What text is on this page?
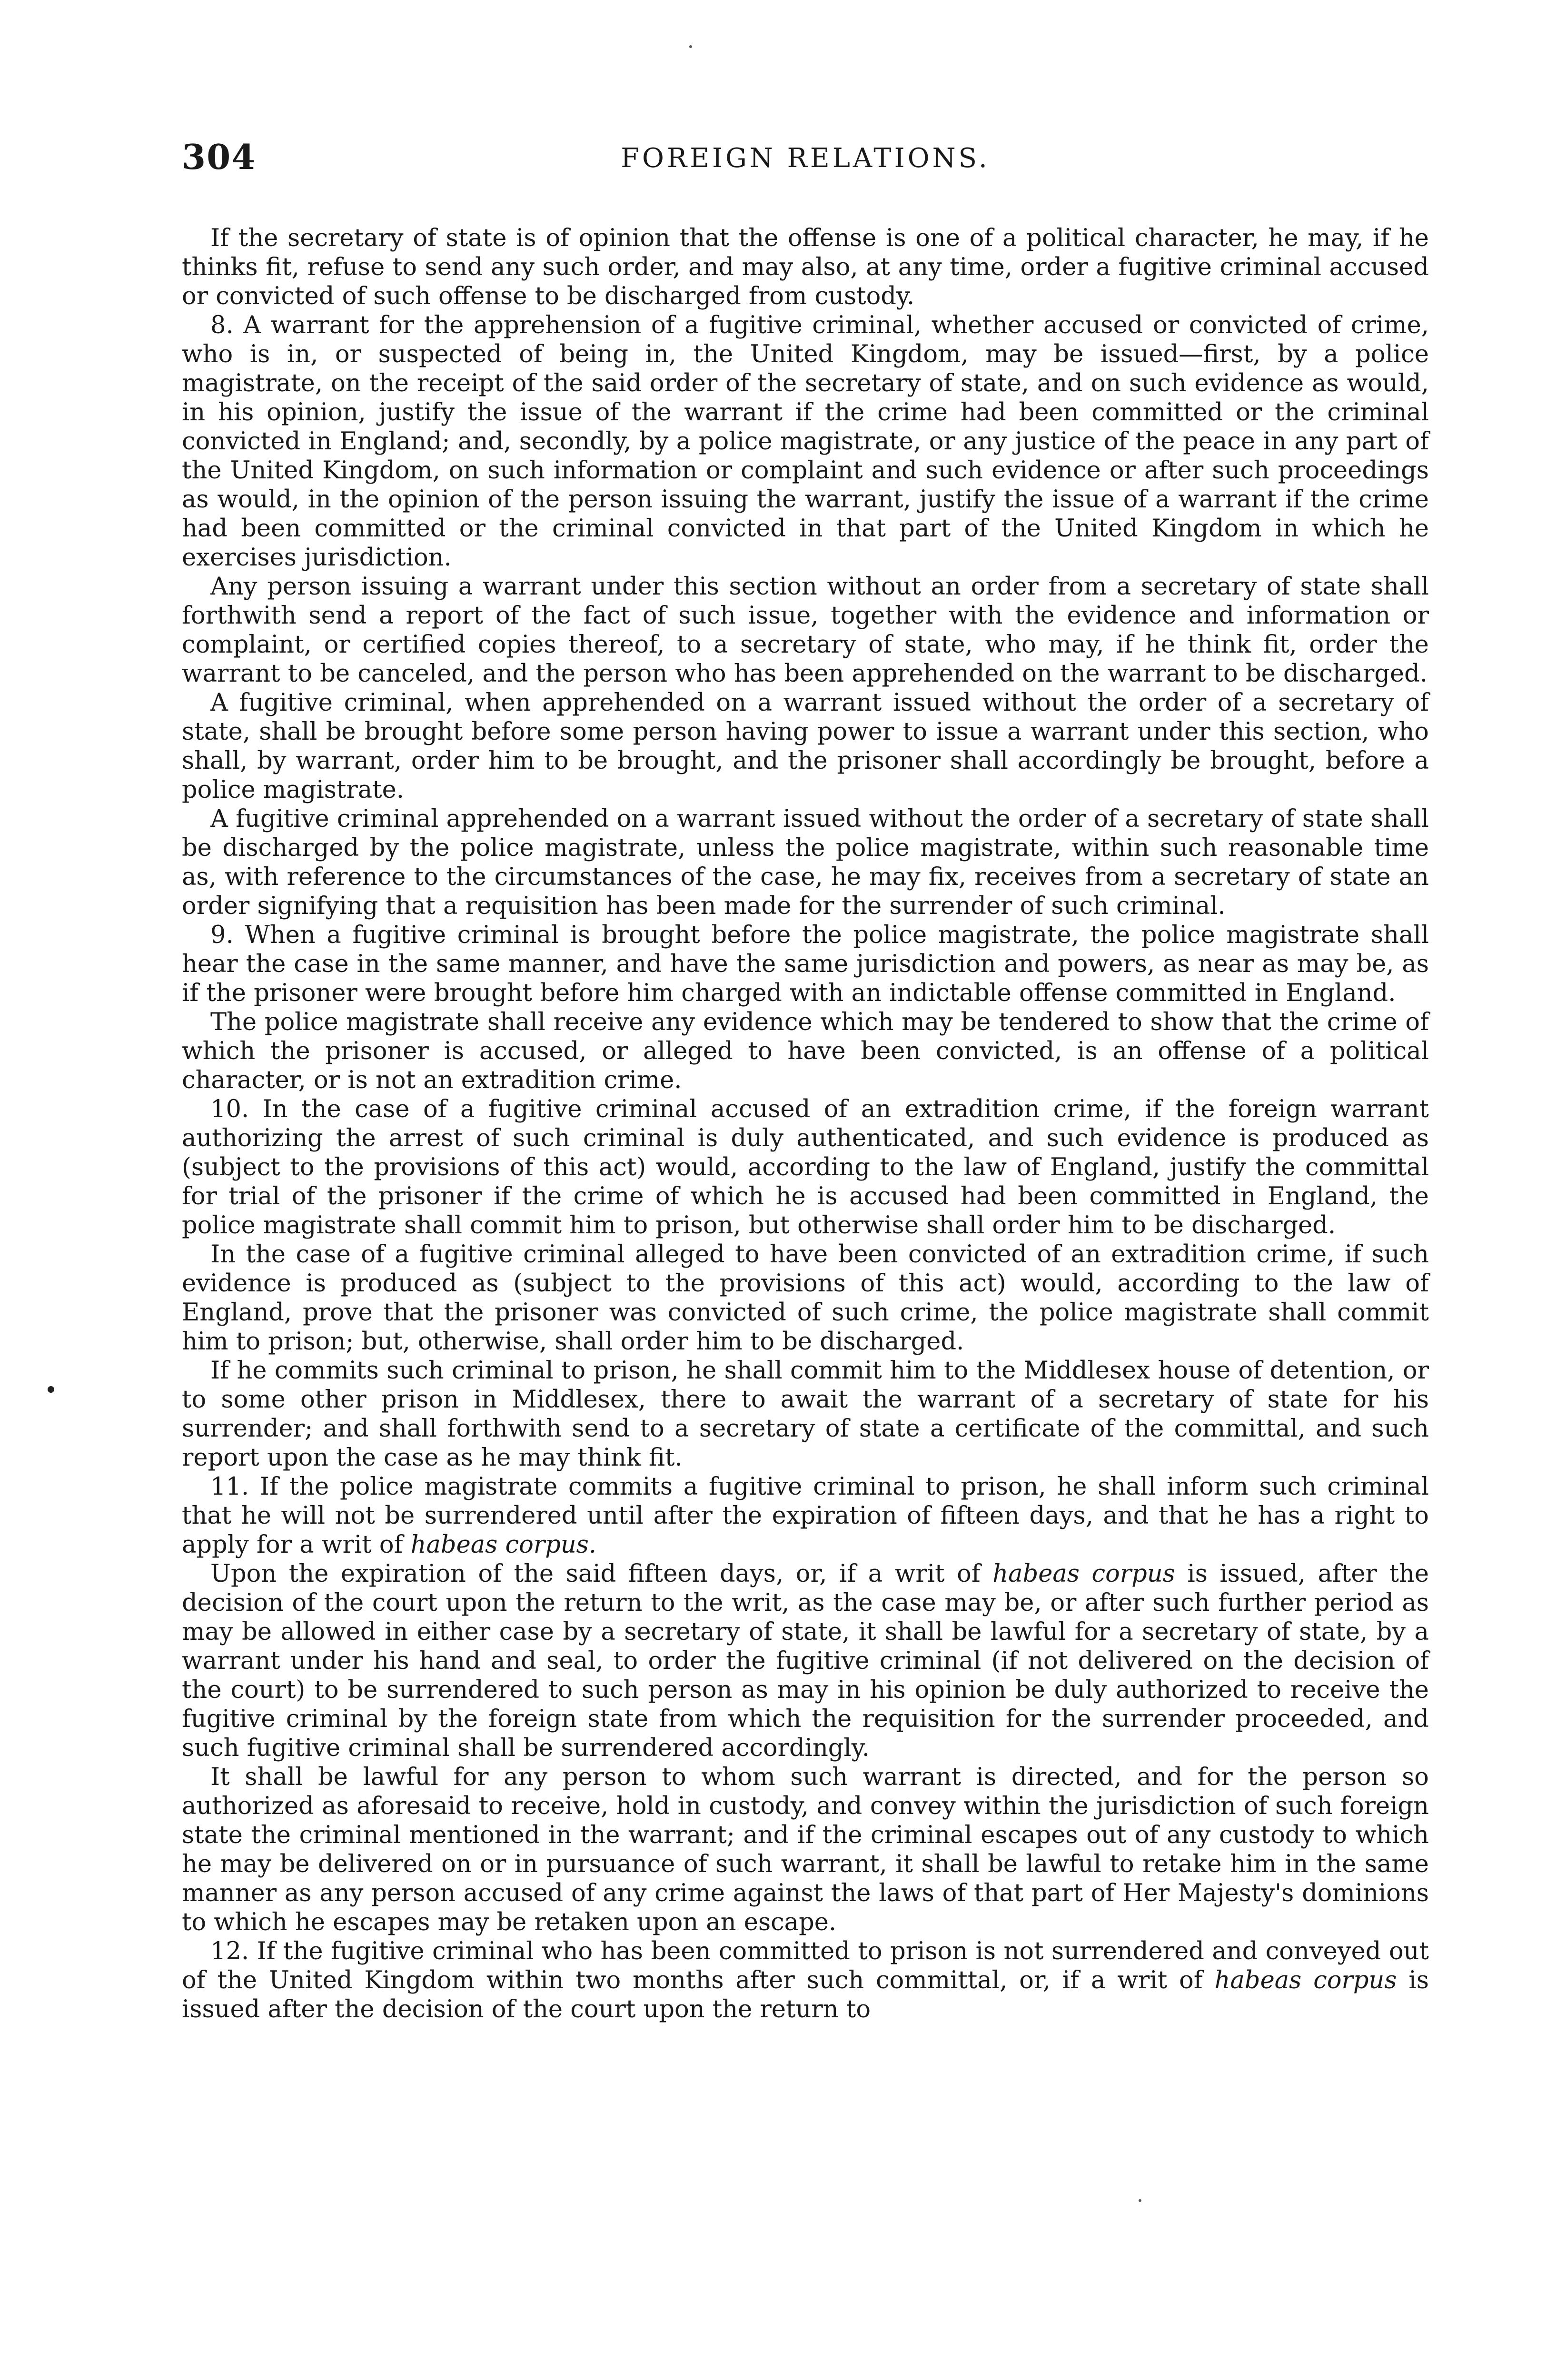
304	FOREIGN RELATIONS.

If the secretary of state is of opinion that the offense is one of a political character, he may, if he thinks fit, refuse to send any such order, and may also, at any time, order a fugitive criminal accused or convicted of such offense to be discharged from custody.

8. A warrant for the apprehension of a fugitive criminal, whether accused or convicted of crime, who is in, or suspected of being in, the United Kingdom, may be issued—first, by a police magistrate, on the receipt of the said order of the secretary of state, and on such evidence as would, in his opinion, justify the issue of the warrant if the crime had been committed or the criminal convicted in England; and, secondly, by a police magistrate, or any justice of the peace in any part of the United Kingdom, on such information or complaint and such evidence or after such proceedings as would, in the opinion of the person issuing the warrant, justify the issue of a warrant if the crime had been committed or the criminal convicted in that part of the United Kingdom in which he exercises jurisdiction.

Any person issuing a warrant under this section without an order from a secretary of state shall forthwith send a report of the fact of such issue, together with the evidence and information or complaint, or certified copies thereof, to a secretary of state, who may, if he think fit, order the warrant to be canceled, and the person who has been apprehended on the warrant to be discharged.

A fugitive criminal, when apprehended on a warrant issued without the order of a secretary of state, shall be brought before some person having power to issue a warrant under this section, who shall, by warrant, order him to be brought, and the prisoner shall accordingly be brought, before a police magistrate.

A fugitive criminal apprehended on a warrant issued without the order of a secretary of state shall be discharged by the police magistrate, unless the police magistrate, within such reasonable time as, with reference to the circumstances of the case, he may fix, receives from a secretary of state an order signifying that a requisition has been made for the surrender of such criminal.

9. When a fugitive criminal is brought before the police magistrate, the police magistrate shall hear the case in the same manner, and have the same jurisdiction and powers, as near as may be, as if the prisoner were brought before him charged with an indictable offense committed in England.

The police magistrate shall receive any evidence which may be tendered to show that the crime of which the prisoner is accused, or alleged to have been convicted, is an offense of a political character, or is not an extradition crime.

10. In the case of a fugitive criminal accused of an extradition crime, if the foreign warrant authorizing the arrest of such criminal is duly authenticated, and such evidence is produced as (subject to the provisions of this act) would, according to the law of England, justify the committal for trial of the prisoner if the crime of which he is accused had been committed in England, the police magistrate shall commit him to prison, but otherwise shall order him to be discharged.

In the case of a fugitive criminal alleged to have been convicted of an extradition crime, if such evidence is produced as (subject to the provisions of this act) would, according to the law of England, prove that the prisoner was convicted of such crime, the police magistrate shall commit him to prison; but, otherwise, shall order him to be discharged.

If he commits such criminal to prison, he shall commit him to the Middlesex house of detention, or to some other prison in Middlesex, there to await the warrant of a secretary of state for his surrender; and shall forthwith send to a secretary of state a certificate of the committal, and such report upon the case as he may think fit.

11. If the police magistrate commits a fugitive criminal to prison, he shall inform such criminal that he will not be surrendered until after the expiration of fifteen days, and that he has a right to apply for a writ of habeas corpus.

Upon the expiration of the said fifteen days, or, if a writ of habeas corpus is issued, after the decision of the court upon the return to the writ, as the case may be, or after such further period as may be allowed in either case by a secretary of state, it shall be lawful for a secretary of state, by a warrant under his hand and seal, to order the fugitive criminal (if not delivered on the decision of the court) to be surrendered to such person as may in his opinion be duly authorized to receive the fugitive criminal by the foreign state from which the requisition for the surrender proceeded, and such fugitive criminal shall be surrendered accordingly.

It shall be lawful for any person to whom such warrant is directed, and for the person so authorized as aforesaid to receive, hold in custody, and convey within the jurisdiction of such foreign state the criminal mentioned in the warrant; and if the criminal escapes out of any custody to which he may be delivered on or in pursuance of such warrant, it shall be lawful to retake him in the same manner as any person accused of any crime against the laws of that part of Her Majesty's dominions to which he escapes may be retaken upon an escape.

12. If the fugitive criminal who has been committed to prison is not surrendered and conveyed out of the United Kingdom within two months after such committal, or, if a writ of habeas corpus is issued after the decision of the court upon the return to
